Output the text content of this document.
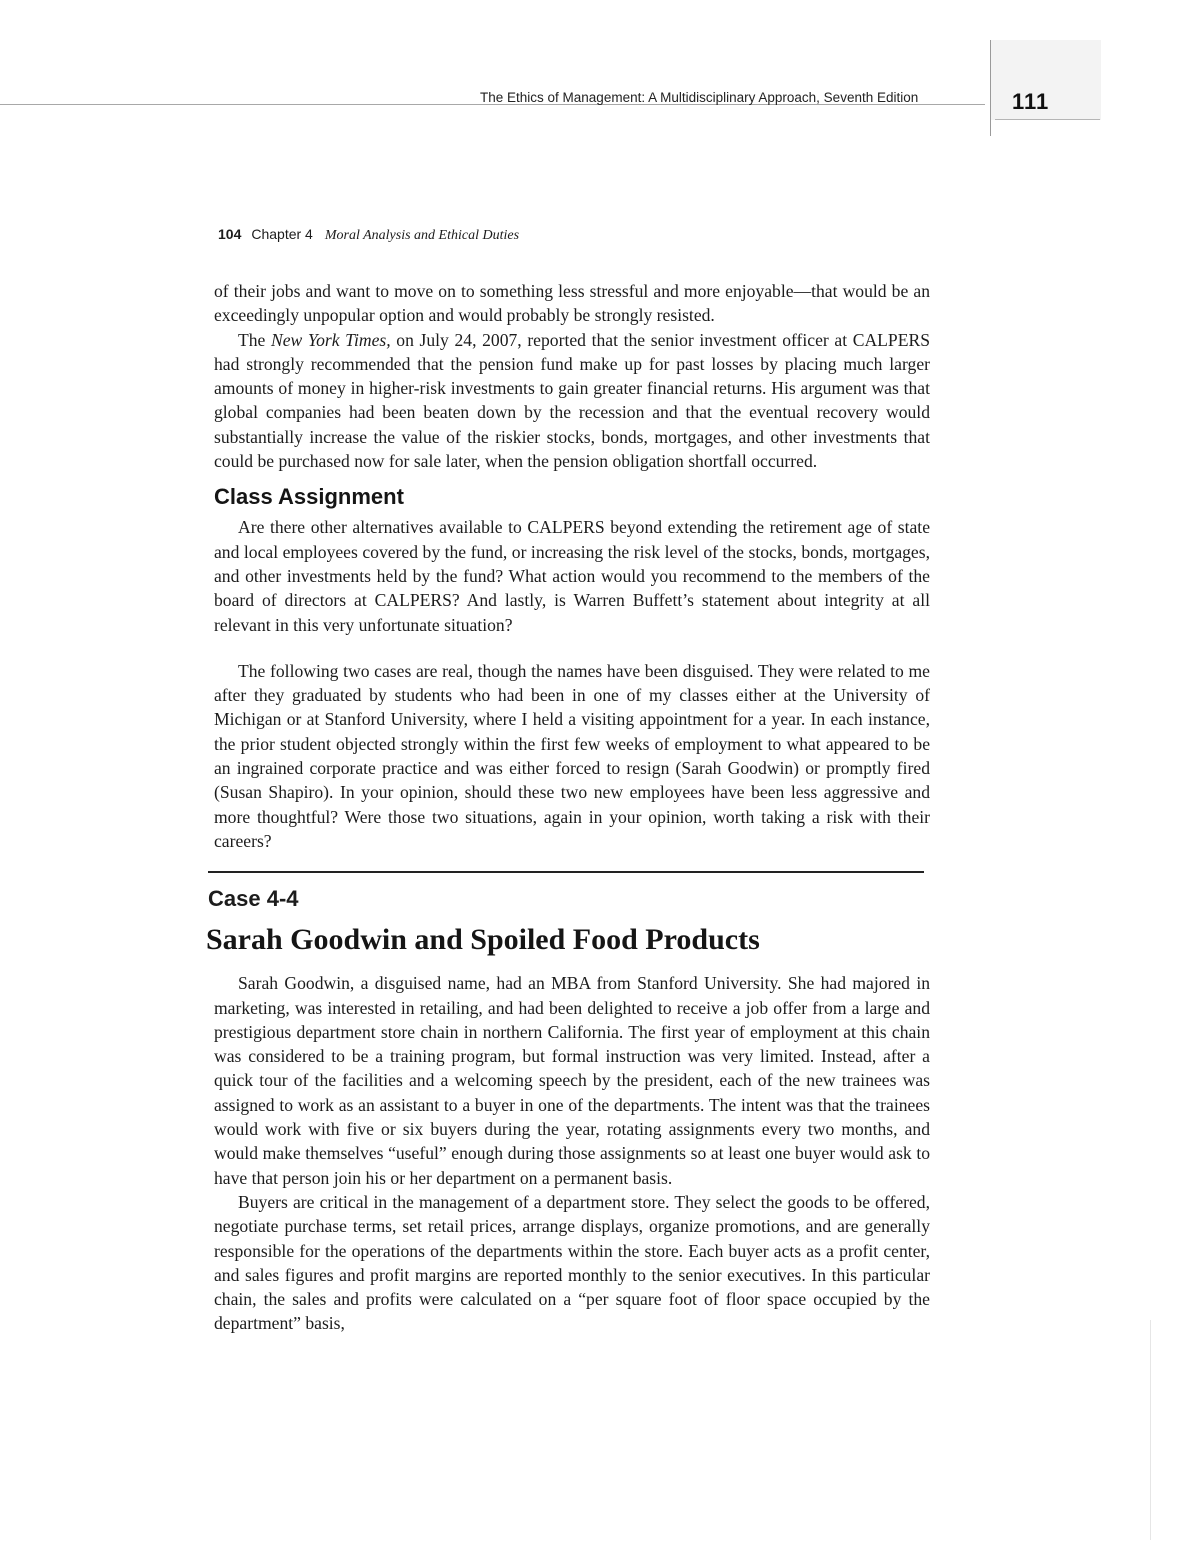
The Ethics of Management: A Multidisciplinary Approach, Seventh Edition	111
104 Chapter 4 Moral Analysis and Ethical Duties

of their jobs and want to move on to something less stressful and more enjoyable—that would be an exceedingly unpopular option and would probably be strongly resisted.

The New York Times, on July 24, 2007, reported that the senior investment officer at CALPERS had strongly recommended that the pension fund make up for past losses by placing much larger amounts of money in higher-risk investments to gain greater financial returns. His argument was that global companies had been beaten down by the recession and that the eventual recovery would substantially increase the value of the riskier stocks, bonds, mortgages, and other investments that could be purchased now for sale later, when the pension obligation shortfall occurred.

Class Assignment

Are there other alternatives available to CALPERS beyond extending the retirement age of state and local employees covered by the fund, or increasing the risk level of the stocks, bonds, mortgages, and other investments held by the fund? What action would you recommend to the members of the board of directors at CALPERS? And lastly, is Warren Buffett’s statement about integrity at all relevant in this very unfortunate situation?

The following two cases are real, though the names have been disguised. They were related to me after they graduated by students who had been in one of my classes either at the University of Michigan or at Stanford University, where I held a visiting appointment for a year. In each instance, the prior student objected strongly within the first few weeks of employment to what appeared to be an ingrained corporate practice and was either forced to resign (Sarah Goodwin) or promptly fired (Susan Shapiro). In your opinion, should these two new employees have been less aggressive and more thoughtful? Were those two situations, again in your opinion, worth taking a risk with their careers?

Case 4-4
Sarah Goodwin and Spoiled Food Products

Sarah Goodwin, a disguised name, had an MBA from Stanford University. She had majored in marketing, was interested in retailing, and had been delighted to receive a job offer from a large and prestigious department store chain in northern California. The first year of employment at this chain was considered to be a training program, but formal instruction was very limited. Instead, after a quick tour of the facilities and a welcoming speech by the president, each of the new trainees was assigned to work as an assistant to a buyer in one of the departments. The intent was that the trainees would work with five or six buyers during the year, rotating assignments every two months, and would make themselves “useful” enough during those assignments so at least one buyer would ask to have that person join his or her department on a permanent basis.

Buyers are critical in the management of a department store. They select the goods to be offered, negotiate purchase terms, set retail prices, arrange displays, organize promotions, and are generally responsible for the operations of the departments within the store. Each buyer acts as a profit center, and sales figures and profit margins are reported monthly to the senior executives. In this particular chain, the sales and profits were calculated on a “per square foot of floor space occupied by the department” basis,
